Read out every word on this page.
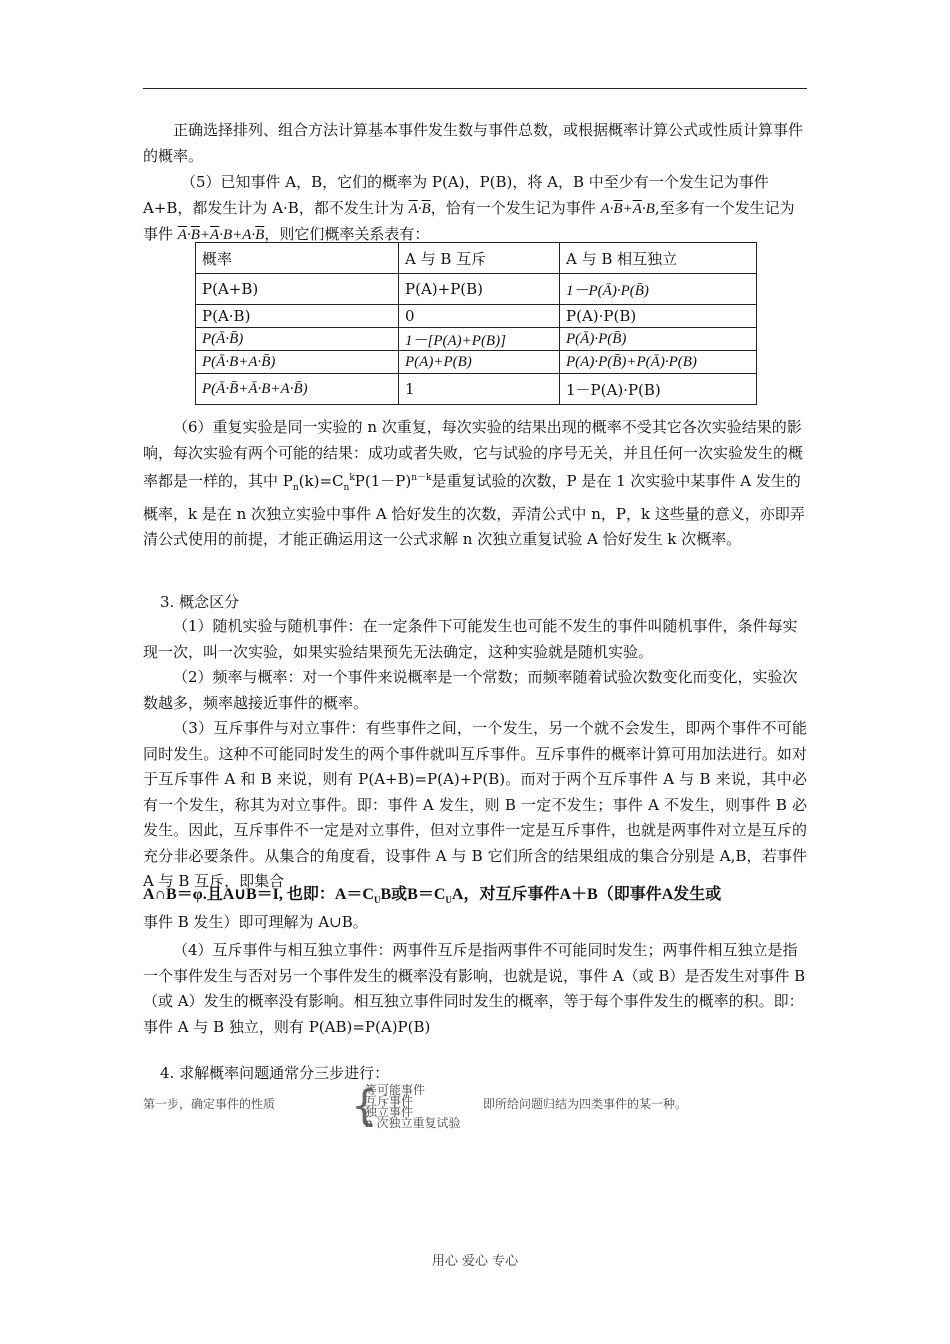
正确选择排列、组合方法计算基本事件发生数与事件总数，或根据概率计算公式或性质计算事件的概率。

（5）已知事件 A，B，它们的概率为 P(A)，P(B)，将 A，B 中至少有一个发生记为事件 A+B，都发生计为 A·B，都不发生计为 $\overline{A}\cdot\overline{B}$，恰有一个发生记为事件 $A\cdot\overline{B}+\overline{A}\cdot B$,至多有一个发生记为事件 $\overline{A}\cdot\overline{B}+\overline{A}\cdot B+A\cdot\overline{B}$，则它们概率关系表有：

概率	A 与 B 互斥	A 与 B 相互独立
P(A+B)	P(A)+P(B)	1－P(Ā)·P(B̄)
P(A·B)	0	P(A)·P(B)
P(Ā·B̄)	1－[P(A)+P(B)]	P(Ā)·P(B̄)
P(Ā·B+A·B̄)	P(A)+P(B)	P(A)·P(B̄)+P(Ā)·P(B)
P(Ā·B̄+Ā·B+A·B̄)	1	1－P(A)·P(B)

（6）重复实验是同一实验的 n 次重复，每次实验的结果出现的概率不受其它各次实验结果的影响，每次实验有两个可能的结果：成功或者失败，它与试验的序号无关，并且任何一次实验发生的概率都是一样的，其中 $P_n(k)=C_n^kP(1-P)^{n-k}$是重复试验的次数，P 是在 1 次实验中某事件 A 发生的概率，k 是在 n 次独立实验中事件 A 恰好发生的次数，弄清公式中 n，P，k 这些量的意义，亦即弄清公式使用的前提，才能正确运用这一公式求解 n 次独立重复试验 A 恰好发生 k 次概率。

3. 概念区分

（1）随机实验与随机事件：在一定条件下可能发生也可能不发生的事件叫随机事件，条件每实现一次，叫一次实验，如果实验结果预先无法确定，这种实验就是随机实验。

（2）频率与概率：对一个事件来说概率是一个常数；而频率随着试验次数变化而变化，实验次数越多，频率越接近事件的概率。

（3）互斥事件与对立事件：有些事件之间，一个发生，另一个就不会发生，即两个事件不可能同时发生。这种不可能同时发生的两个事件就叫互斥事件。互斥事件的概率计算可用加法进行。如对于互斥事件 A 和 B 来说，则有 P(A+B)=P(A)+P(B)。而对于两个互斥事件 A 与 B 来说，其中必有一个发生，称其为对立事件。即：事件 A 发生，则 B 一定不发生；事件 A 不发生，则事件 B 必发生。因此，互斥事件不一定是对立事件，但对立事件一定是互斥事件，也就是两事件对立是互斥的充分非必要条件。从集合的角度看，设事件 A 与 B 它们所含的结果组成的集合分别是 A,B，若事件 A 与 B 互斥，即集合

A∩B＝φ.且A∪B＝I, 也即：$A=C_UB$或$B=C_UA$，对互斥事件A＋B（即事件A发生或

事件 B 发生）即可理解为 A∪B。

（4）互斥事件与相互独立事件：两事件互斥是指两事件不可能同时发生；两事件相互独立是指一个事件发生与否对另一个事件发生的概率没有影响，也就是说，事件 A（或 B）是否发生对事件 B（或 A）发生的概率没有影响。相互独立事件同时发生的概率，等于每个事件发生的概率的积。即：事件 A 与 B 独立，则有 P(AB)=P(A)P(B)

4. 求解概率问题通常分三步进行：
第一步，确定事件的性质 {
等可能事件
互斥事件
独立事件
n 次独立重复试验
即所给问题归结为四类事件的某一种。
用心 爱心 专心
